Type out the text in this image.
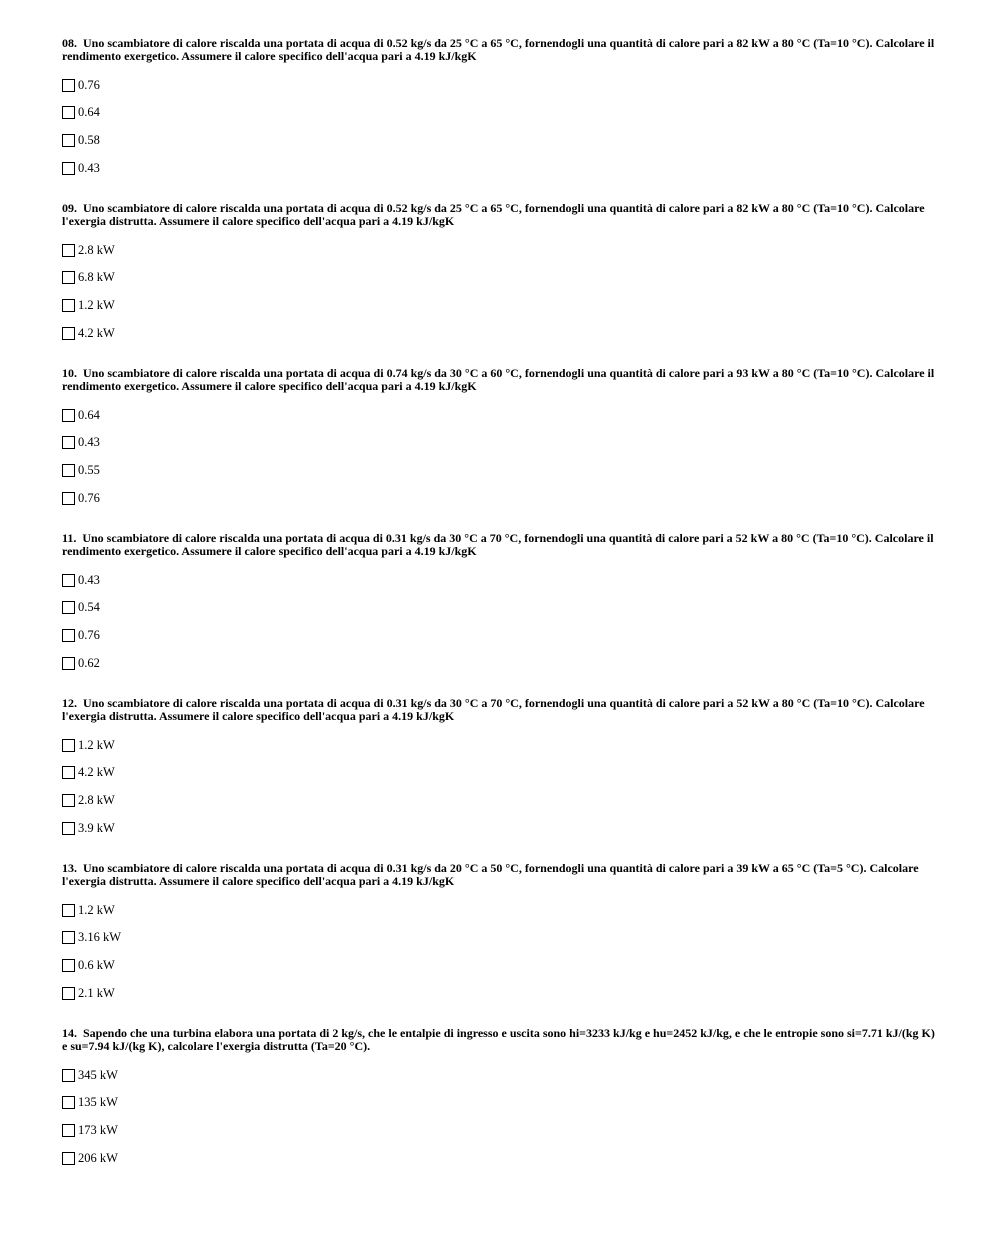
08. Uno scambiatore di calore riscalda una portata di acqua di 0.52 kg/s da 25 °C a 65 °C, fornendogli una quantità di calore pari a 82 kW a 80 °C (Ta=10 °C). Calcolare il rendimento exergetico. Assumere il calore specifico dell'acqua pari a 4.19 kJ/kgK

0.76
0.64
0.58
0.43

09. Uno scambiatore di calore riscalda una portata di acqua di 0.52 kg/s da 25 °C a 65 °C, fornendogli una quantità di calore pari a 82 kW a 80 °C (Ta=10 °C). Calcolare l'exergia distrutta. Assumere il calore specifico dell'acqua pari a 4.19 kJ/kgK

2.8 kW
6.8 kW
1.2 kW
4.2 kW

10. Uno scambiatore di calore riscalda una portata di acqua di 0.74 kg/s da 30 °C a 60 °C, fornendogli una quantità di calore pari a 93 kW a 80 °C (Ta=10 °C). Calcolare il rendimento exergetico. Assumere il calore specifico dell'acqua pari a 4.19 kJ/kgK

0.64
0.43
0.55
0.76

11. Uno scambiatore di calore riscalda una portata di acqua di 0.31 kg/s da 30 °C a 70 °C, fornendogli una quantità di calore pari a 52 kW a 80 °C (Ta=10 °C). Calcolare il rendimento exergetico. Assumere il calore specifico dell'acqua pari a 4.19 kJ/kgK

0.43
0.54
0.76
0.62

12. Uno scambiatore di calore riscalda una portata di acqua di 0.31 kg/s da 30 °C a 70 °C, fornendogli una quantità di calore pari a 52 kW a 80 °C (Ta=10 °C). Calcolare l'exergia distrutta. Assumere il calore specifico dell'acqua pari a 4.19 kJ/kgK

1.2 kW
4.2 kW
2.8 kW
3.9 kW

13. Uno scambiatore di calore riscalda una portata di acqua di 0.31 kg/s da 20 °C a 50 °C, fornendogli una quantità di calore pari a 39 kW a 65 °C (Ta=5 °C). Calcolare l'exergia distrutta. Assumere il calore specifico dell'acqua pari a 4.19 kJ/kgK

1.2 kW
3.16 kW
0.6 kW
2.1 kW

14. Sapendo che una turbina elabora una portata di 2 kg/s, che le entalpie di ingresso e uscita sono hi=3233 kJ/kg e hu=2452 kJ/kg, e che le entropie sono si=7.71 kJ/(kg K) e su=7.94 kJ/(kg K), calcolare l'exergia distrutta (Ta=20 °C).

345 kW
135 kW
173 kW
206 kW
